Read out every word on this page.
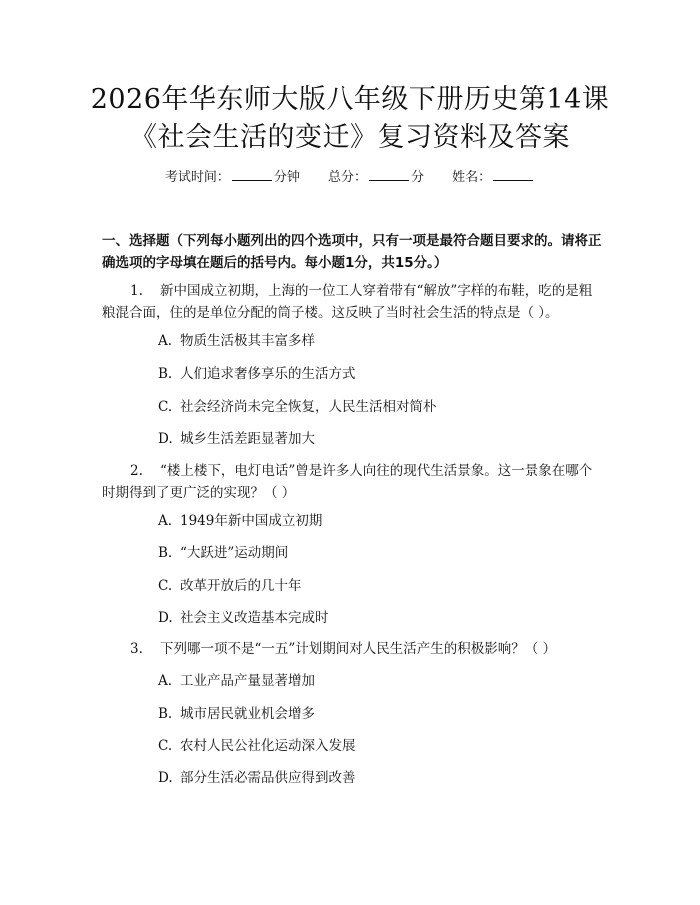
2026年华东师大版八年级下册历史第14课
《社会生活的变迁》复习资料及答案
考试时间：	分钟 总分：	分 姓名：
一、选择题（下列每小题列出的四个选项中，只有一项是最符合题目要求的。请将正确选项的字母填在题后的括号内。每小题1分，共15分。）
1. 新中国成立初期，上海的一位工人穿着带有“解放”字样的布鞋，吃的是粗粮混合面，住的是单位分配的筒子楼。这反映了当时社会生活的特点是（ ）。
A. 物质生活极其丰富多样
B. 人们追求奢侈享乐的生活方式
C. 社会经济尚未完全恢复，人民生活相对简朴
D. 城乡生活差距显著加大
2. “楼上楼下，电灯电话”曾是许多人向往的现代生活景象。这一景象在哪个时期得到了更广泛的实现？（ ）
A. 1949年新中国成立初期
B. “大跃进”运动期间
C. 改革开放后的几十年
D. 社会主义改造基本完成时
3. 下列哪一项不是“一五”计划期间对人民生活产生的积极影响？（ ）
A. 工业产品产量显著增加
B. 城市居民就业机会增多
C. 农村人民公社化运动深入发展
D. 部分生活必需品供应得到改善
